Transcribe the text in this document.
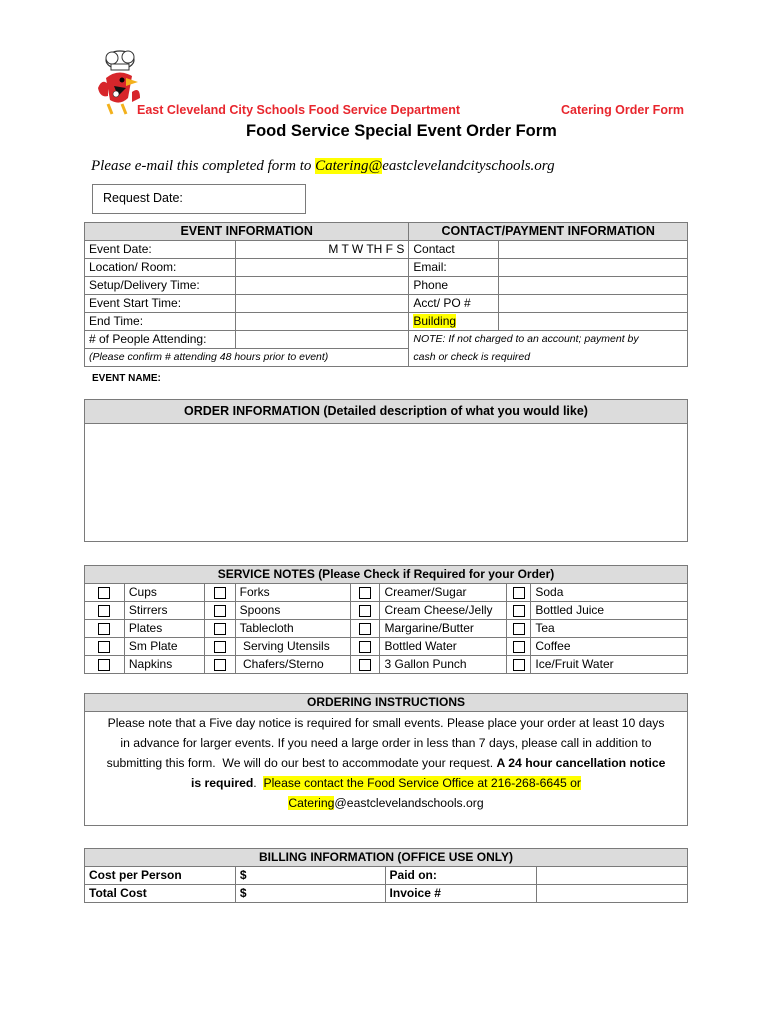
East Cleveland City Schools Food Service Department	Catering Order Form
Food Service Special Event Order Form
Please e-mail this completed form to Catering@eastclevelandcityschools.org
Request Date:
EVENT INFORMATION		CONTACT/PAYMENT INFORMATION	
Event Date:	M T W TH F S	Contact	
Location/ Room:		Email:	
Setup/Delivery Time:		Phone	
Event Start Time:		Acct/ PO #	
End Time:		Building	
# of People Attending:		NOTE: If not charged to an account; payment by	
(Please confirm # attending 48 hours prior to event)		cash or check is required	
EVENT NAME:
ORDER INFORMATION (Detailed description of what you would like)
SERVICE NOTES (Please Check if Required for your Order)							
	Cups		Forks		Creamer/Sugar		Soda
	Stirrers		Spoons		Cream Cheese/Jelly		Bottled Juice
	Plates		Tablecloth		Margarine/Butter		Tea
	Sm Plate		Serving Utensils		Bottled Water		Coffee
	Napkins		Chafers/Sterno		3 Gallon Punch		Ice/Fruit Water
ORDERING INSTRUCTIONS
Please note that a Five day notice is required for small events. Please place your order at least 10 days
in advance for larger events. If you need a large order in less than 7 days, please call in addition to
submitting this form.  We will do our best to accommodate your request. A 24 hour cancellation notice
is required.  Please contact the Food Service Office at 216-268-6645 or
Catering@eastclevelandschools.org
BILLING INFORMATION (OFFICE USE ONLY)			
Cost per Person	$	Paid on:	
Total Cost	$	Invoice #	
